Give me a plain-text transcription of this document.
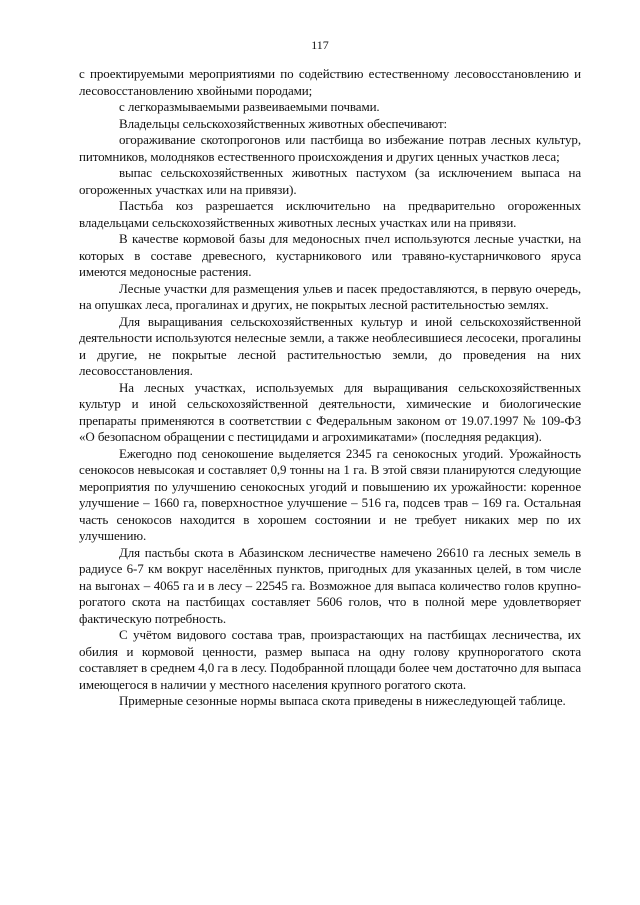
117

с проектируемыми мероприятиями по содействию естественному лесовосстановлению и лесовосстановлению хвойными породами;

с легкоразмываемыми развеиваемыми почвами.

Владельцы сельскохозяйственных животных обеспечивают:

огораживание скотопрогонов или пастбища во избежание потрав лесных культур, питомников, молодняков естественного происхождения и других ценных участков леса;

выпас сельскохозяйственных животных пастухом (за исключением выпаса на огороженных участках или на привязи).

Пастьба коз разрешается исключительно на предварительно огороженных владельцами сельскохозяйственных животных лесных участках или на привязи.

В качестве кормовой базы для медоносных пчел используются лесные участки, на которых в составе древесного, кустарникового или травяно-кустарничкового яруса имеются медоносные растения.

Лесные участки для размещения ульев и пасек предоставляются, в первую очередь, на опушках леса, прогалинах и других, не покрытых лесной растительностью землях.

Для выращивания сельскохозяйственных культур и иной сельскохозяйственной деятельности используются нелесные земли, а также необлесившиеся лесосеки, прогалины и другие, не покрытые лесной растительностью земли, до проведения на них лесовосстановления.

На лесных участках, используемых для выращивания сельскохозяйственных культур и иной сельскохозяйственной деятельности, химические и биологические препараты применяются в соответствии с Федеральным законом от 19.07.1997 № 109-ФЗ «О безопасном обращении с пестицидами и агрохимикатами» (последняя редакция).

Ежегодно под сенокошение выделяется 2345 га сенокосных угодий. Урожайность сенокосов невысокая и составляет 0,9 тонны на 1 га. В этой связи планируются следующие мероприятия по улучшению сенокосных угодий и повышению их урожайности: коренное улучшение – 1660 га, поверхностное улучшение – 516 га, подсев трав – 169 га. Остальная часть сенокосов находится в хорошем состоянии и не требует никаких мер по их улучшению.

Для пастьбы скота в Абазинском лесничестве намечено 26610 га лесных земель в радиусе 6-7 км вокруг населённых пунктов, пригодных для указанных целей, в том числе на выгонах – 4065 га и в лесу – 22545 га. Возможное для выпаса количество голов крупно-рогатого скота на пастбищах составляет 5606 голов, что в полной мере удовлетворяет фактическую потребность.

С учётом видового состава трав, произрастающих на пастбищах лесничества, их обилия и кормовой ценности, размер выпаса на одну голову крупнорогатого скота составляет в среднем 4,0 га в лесу. Подобранной площади более чем достаточно для выпаса имеющегося в наличии у местного населения крупного рогатого скота.

Примерные сезонные нормы выпаса скота приведены в нижеследующей таблице.
